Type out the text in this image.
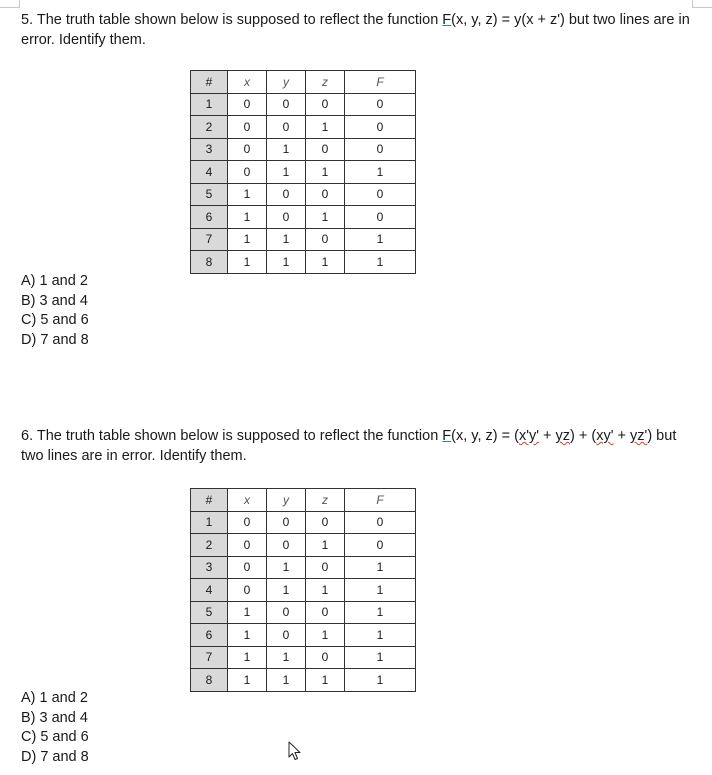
5. The truth table shown below is supposed to reflect the function F(x, y, z) = y(x + z') but two lines are in error. Identify them.

#	x	y	z	F
1	0	0	0	0
2	0	0	1	0
3	0	1	0	0
4	0	1	1	1
5	1	0	0	0
6	1	0	1	0
7	1	1	0	1
8	1	1	1	1
A) 1 and 2
B) 3 and 4
C) 5 and 6
D) 7 and 8

6. The truth table shown below is supposed to reflect the function F(x, y, z) = (x'y' + yz) + (xy' + yz') but two lines are in error. Identify them.

#	x	y	z	F
1	0	0	0	0
2	0	0	1	0
3	0	1	0	1
4	0	1	1	1
5	1	0	0	1
6	1	0	1	1
7	1	1	0	1
8	1	1	1	1
A) 1 and 2
B) 3 and 4
C) 5 and 6
D) 7 and 8
